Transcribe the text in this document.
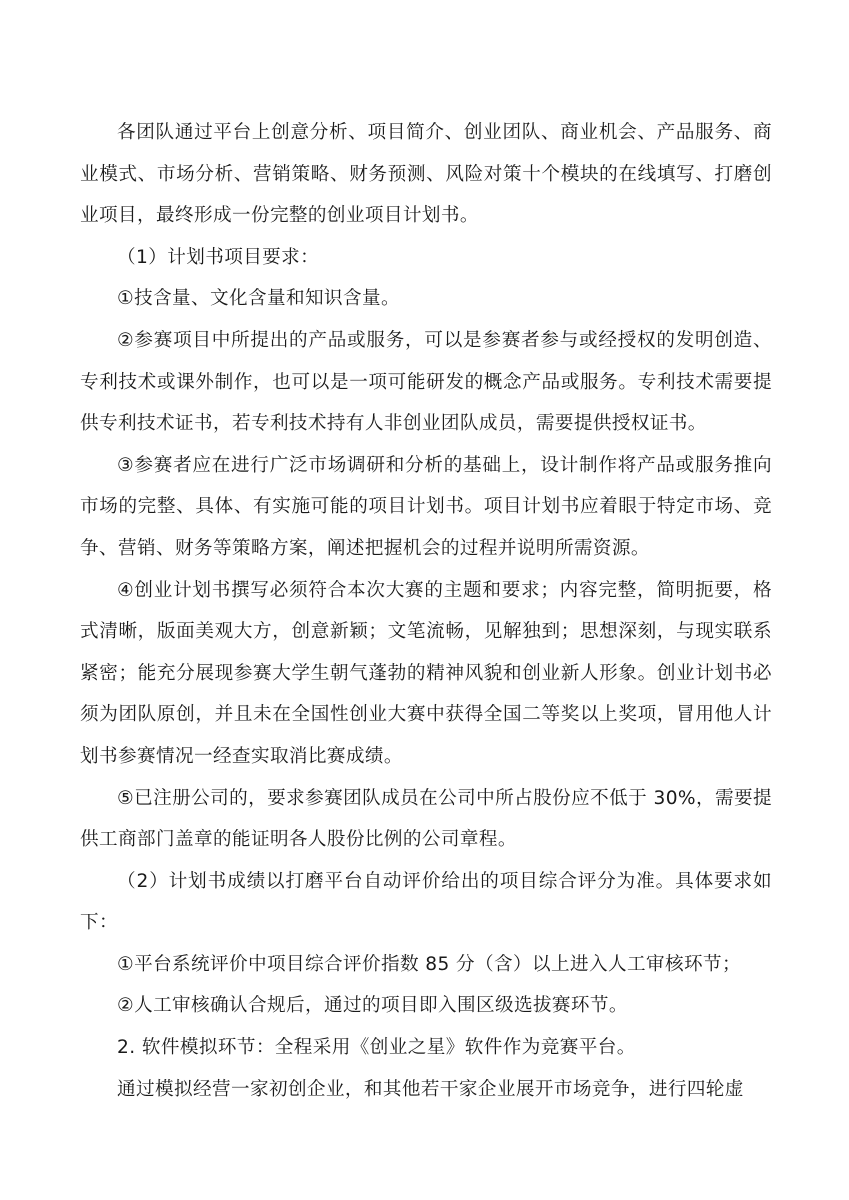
各团队通过平台上创意分析、项目简介、创业团队、商业机会、产品服务、商业模式、市场分析、营销策略、财务预测、风险对策十个模块的在线填写、打磨创业项目，最终形成一份完整的创业项目计划书。

（1）计划书项目要求：

①技含量、文化含量和知识含量。

②参赛项目中所提出的产品或服务，可以是参赛者参与或经授权的发明创造、专利技术或课外制作，也可以是一项可能研发的概念产品或服务。专利技术需要提供专利技术证书，若专利技术持有人非创业团队成员，需要提供授权证书。

③参赛者应在进行广泛市场调研和分析的基础上，设计制作将产品或服务推向市场的完整、具体、有实施可能的项目计划书。项目计划书应着眼于特定市场、竞争、营销、财务等策略方案，阐述把握机会的过程并说明所需资源。

④创业计划书撰写必须符合本次大赛的主题和要求；内容完整，简明扼要，格式清晰，版面美观大方，创意新颖；文笔流畅，见解独到；思想深刻，与现实联系紧密；能充分展现参赛大学生朝气蓬勃的精神风貌和创业新人形象。创业计划书必须为团队原创，并且未在全国性创业大赛中获得全国二等奖以上奖项，冒用他人计划书参赛情况一经查实取消比赛成绩。

⑤已注册公司的，要求参赛团队成员在公司中所占股份应不低于 30%，需要提供工商部门盖章的能证明各人股份比例的公司章程。

（2）计划书成绩以打磨平台自动评价给出的项目综合评分为准。具体要求如下：

①平台系统评价中项目综合评价指数 85 分（含）以上进入人工审核环节；

②人工审核确认合规后，通过的项目即入围区级选拔赛环节。

2. 软件模拟环节：全程采用《创业之星》软件作为竞赛平台。

通过模拟经营一家初创企业，和其他若干家企业展开市场竞争，进行四轮虚
